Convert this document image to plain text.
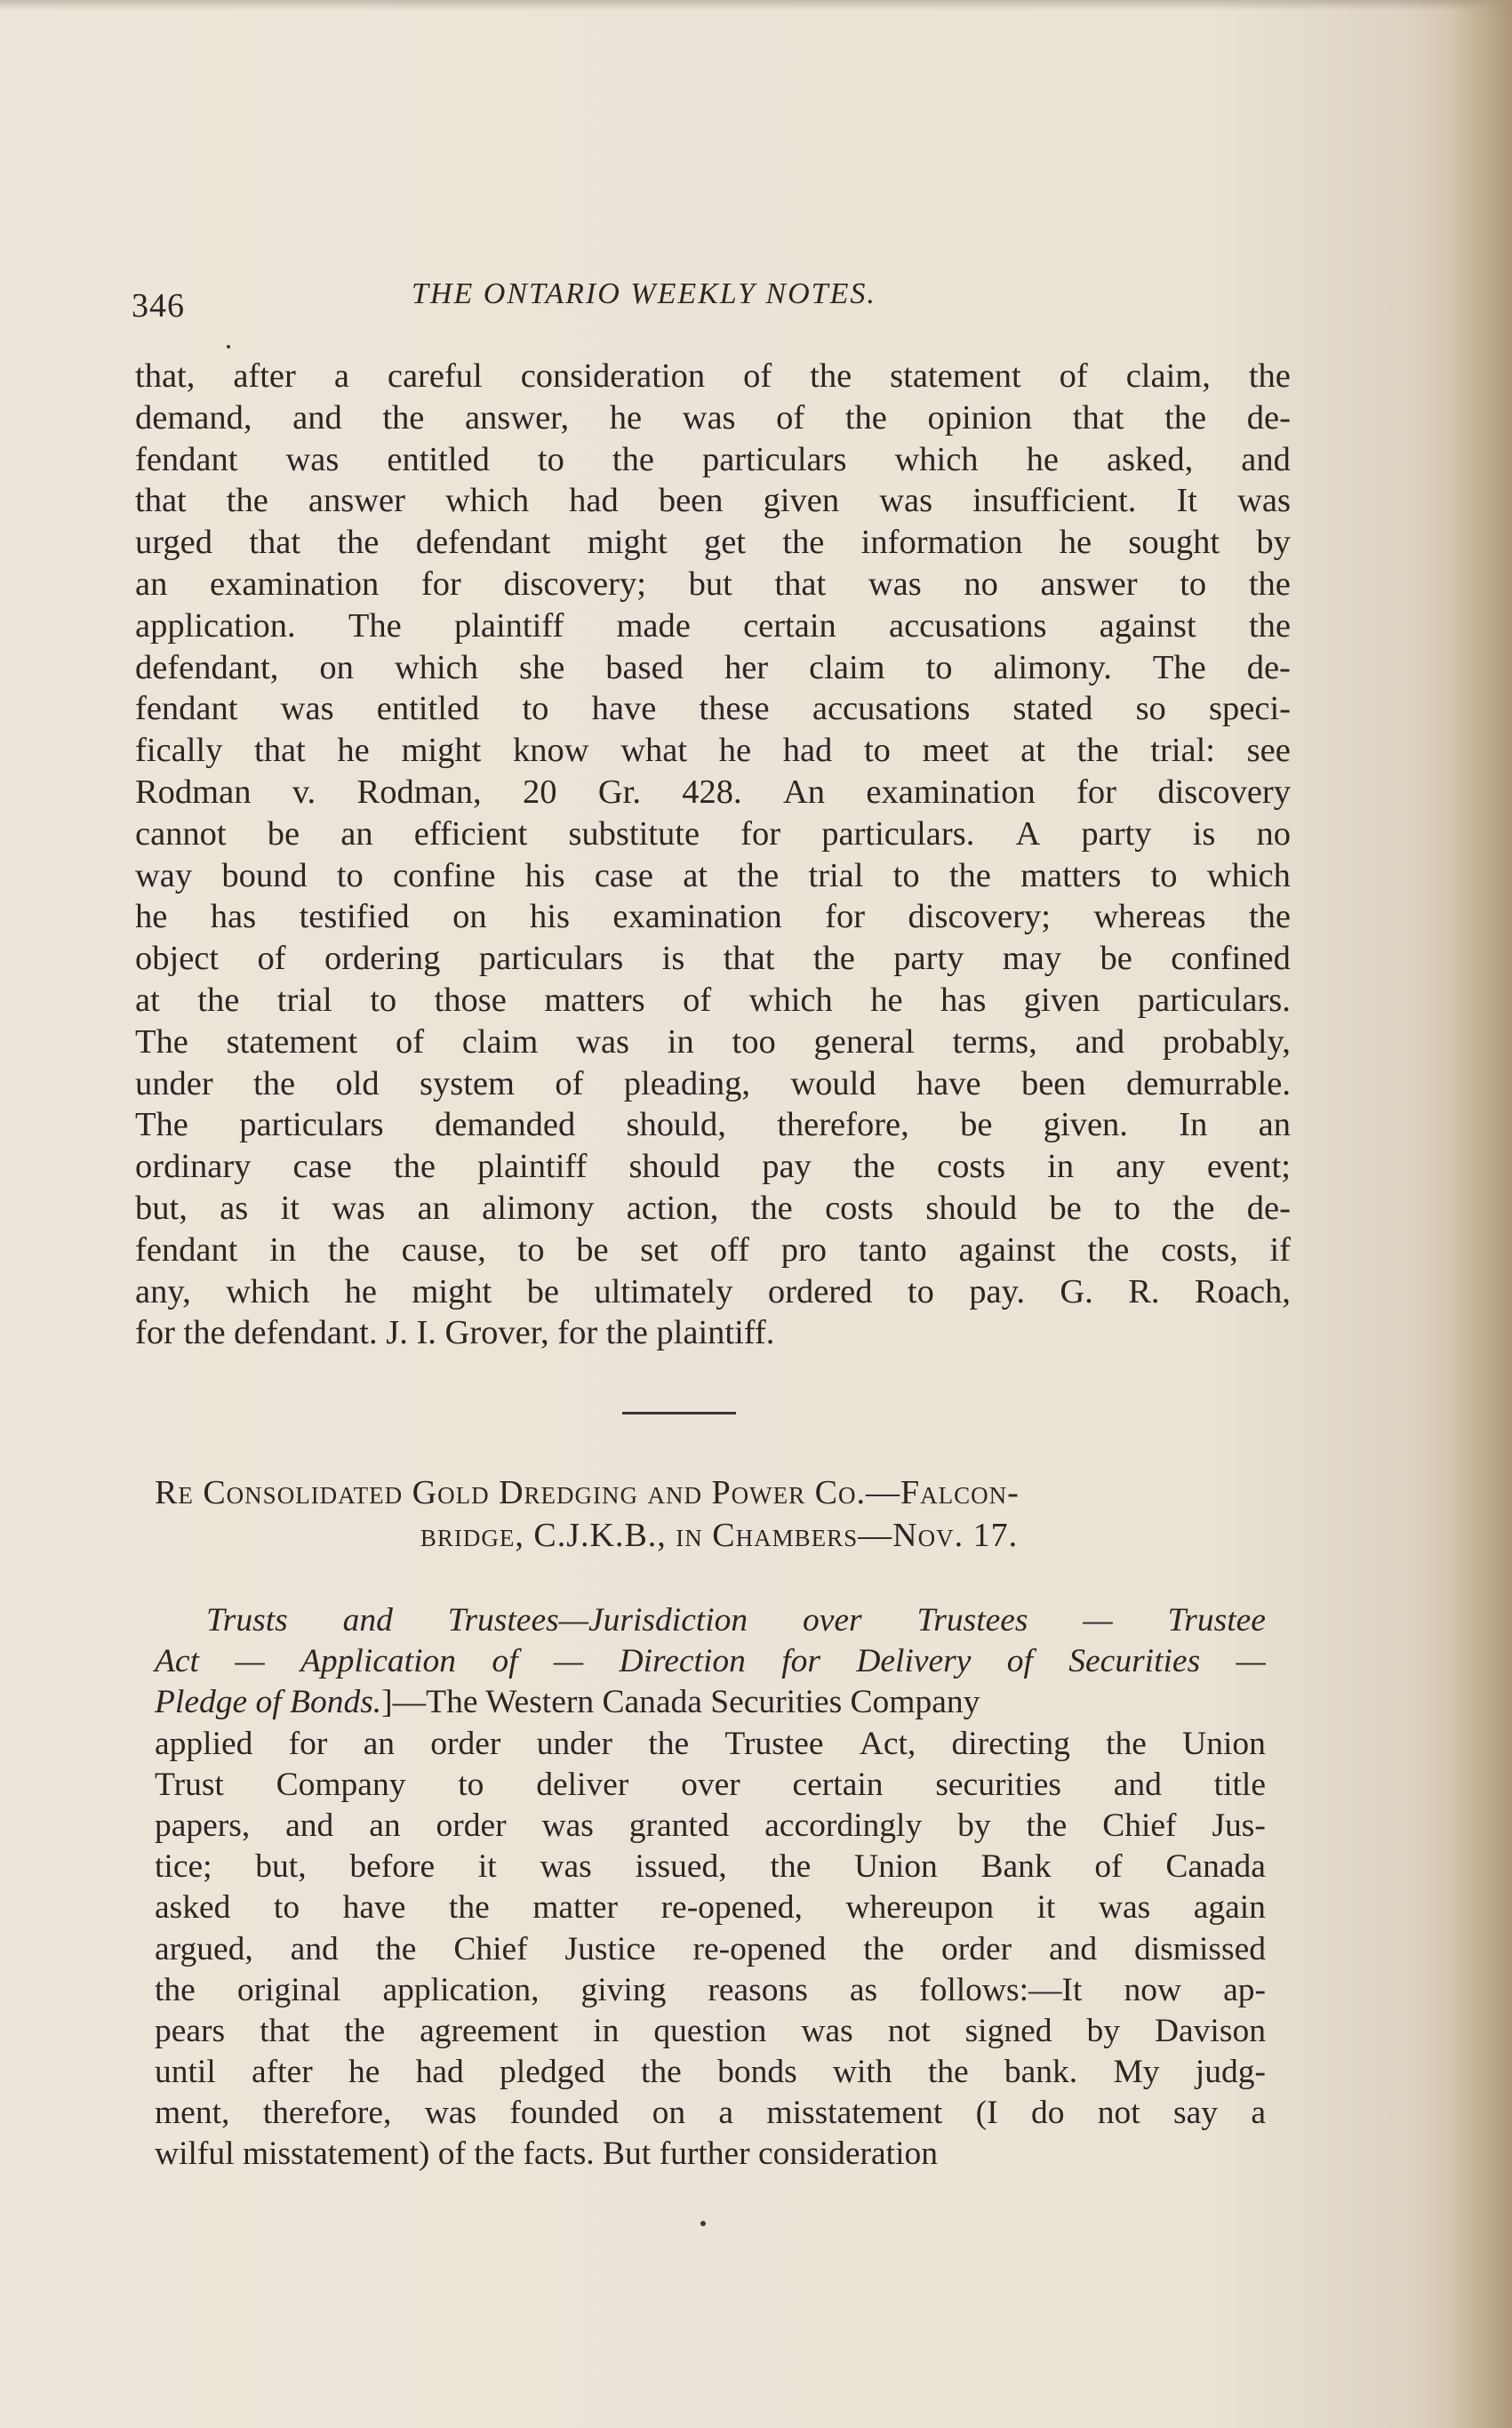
346	THE ONTARIO WEEKLY NOTES.
that, after a careful consideration of the statement of claim, the
demand, and the answer, he was of the opinion that the de-
fendant was entitled to the particulars which he asked, and
that the answer which had been given was insufficient. It was
urged that the defendant might get the information he sought by
an examination for discovery; but that was no answer to the
application. The plaintiff made certain accusations against the
defendant, on which she based her claim to alimony. The de-
fendant was entitled to have these accusations stated so speci-
fically that he might know what he had to meet at the trial: see
Rodman v. Rodman, 20 Gr. 428. An examination for discovery
cannot be an efficient substitute for particulars. A party is no
way bound to confine his case at the trial to the matters to which
he has testified on his examination for discovery; whereas the
object of ordering particulars is that the party may be confined
at the trial to those matters of which he has given particulars.
The statement of claim was in too general terms, and probably,
under the old system of pleading, would have been demurrable.
The particulars demanded should, therefore, be given. In an
ordinary case the plaintiff should pay the costs in any event;
but, as it was an alimony action, the costs should be to the de-
fendant in the cause, to be set off pro tanto against the costs, if
any, which he might be ultimately ordered to pay. G. R. Roach,
for the defendant. J. I. Grover, for the plaintiff.
Re Consolidated Gold Dredging and Power Co.—Falcon-
bridge, C.J.K.B., in Chambers—Nov. 17.
Trusts and Trustees—Jurisdiction over Trustees — Trustee
Act — Application of — Direction for Delivery of Securities —
Pledge of Bonds. ]—The Western Canada Securities Company
applied for an order under the Trustee Act, directing the Union
Trust Company to deliver over certain securities and title
papers, and an order was granted accordingly by the Chief Jus-
tice; but, before it was issued, the Union Bank of Canada
asked to have the matter re-opened, whereupon it was again
argued, and the Chief Justice re-opened the order and dismissed
the original application, giving reasons as follows:—It now ap-
pears that the agreement in question was not signed by Davison
until after he had pledged the bonds with the bank. My judg-
ment, therefore, was founded on a misstatement (I do not say a
wilful misstatement) of the facts. But further consideration
